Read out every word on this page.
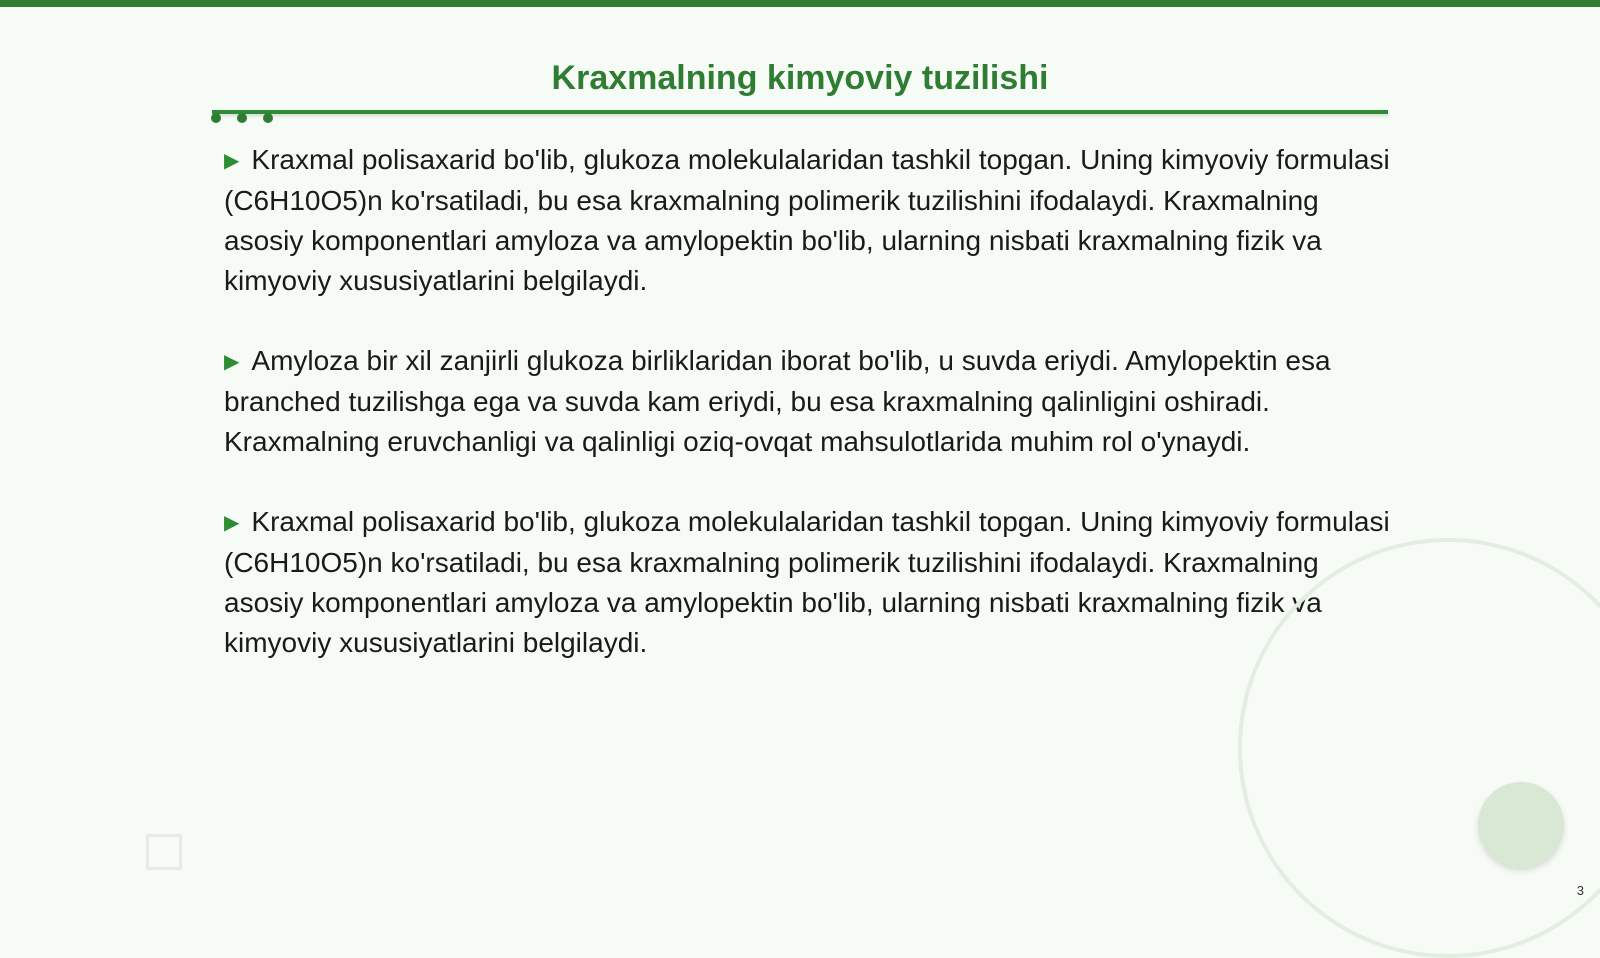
Kraxmalning kimyoviy tuzilishi

▶ Kraxmal polisaxarid bo'lib, glukoza molekulalaridan tashkil topgan. Uning kimyoviy formulasi (C6H10O5)n ko'rsatiladi, bu esa kraxmalning polimerik tuzilishini ifodalaydi. Kraxmalning asosiy komponentlari amyloza va amylopektin bo'lib, ularning nisbati kraxmalning fizik va kimyoviy xususiyatlarini belgilaydi.

▶ Amyloza bir xil zanjirli glukoza birliklaridan iborat bo'lib, u suvda eriydi. Amylopektin esa branched tuzilishga ega va suvda kam eriydi, bu esa kraxmalning qalinligini oshiradi. Kraxmalning eruvchanligi va qalinligi oziq-ovqat mahsulotlarida muhim rol o'ynaydi.

▶ Kraxmal polisaxarid bo'lib, glukoza molekulalaridan tashkil topgan. Uning kimyoviy formulasi (C6H10O5)n ko'rsatiladi, bu esa kraxmalning polimerik tuzilishini ifodalaydi. Kraxmalning asosiy komponentlari amyloza va amylopektin bo'lib, ularning nisbati kraxmalning fizik va kimyoviy xususiyatlarini belgilaydi.

3
